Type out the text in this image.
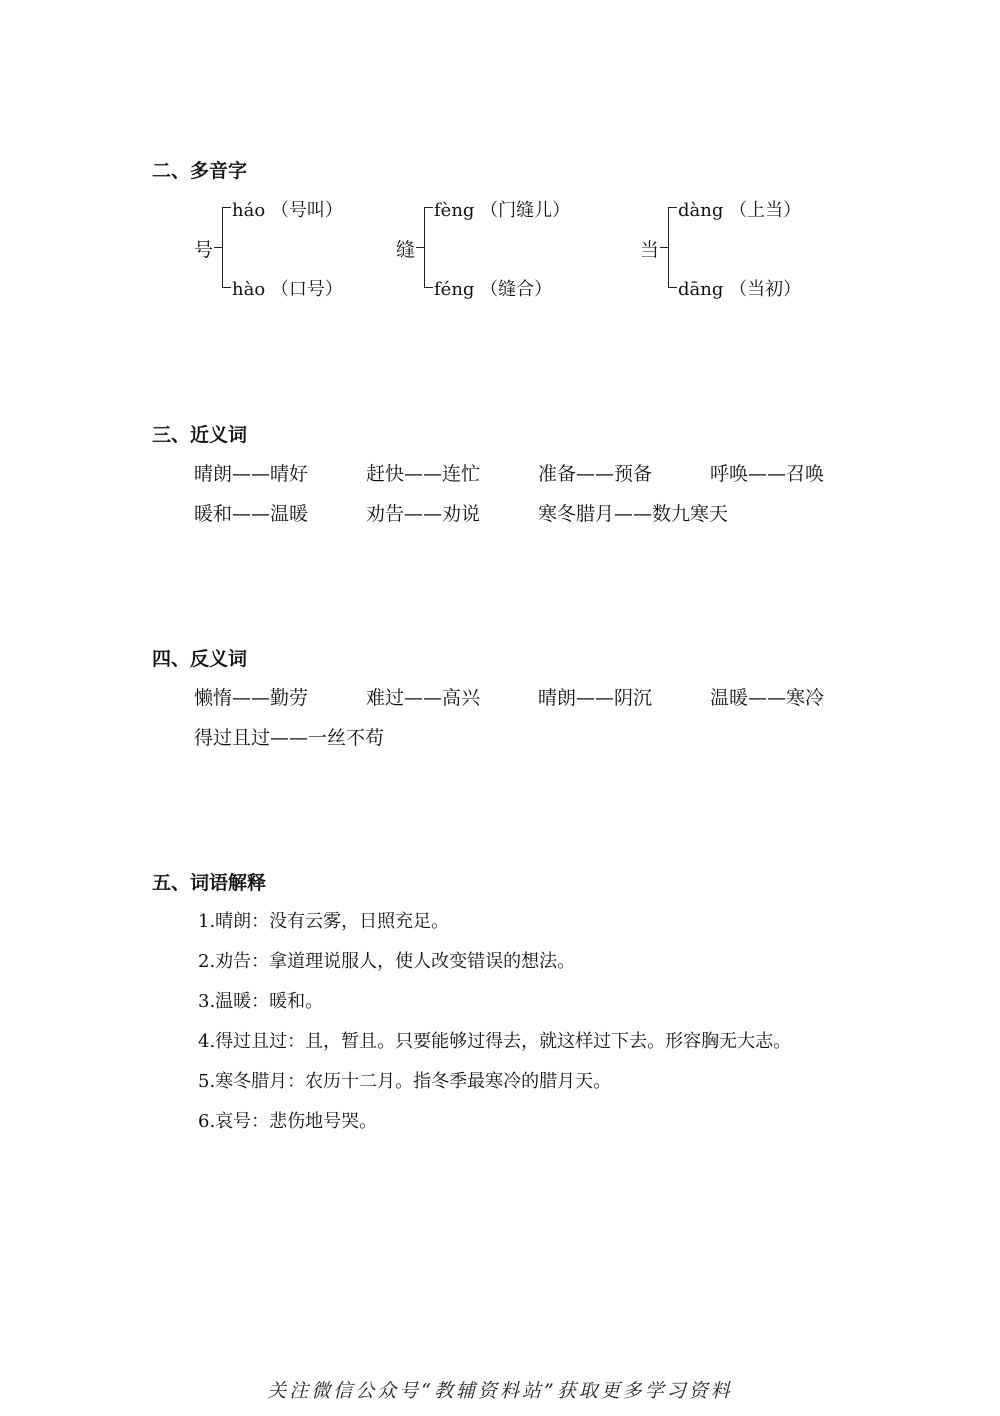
二、多音字
号
háo （号叫）
hào （口号）
缝
fèng （门缝儿）
féng （缝合）
当
dàng （上当）
dāng （当初）
三、近义词
晴朗——晴好	赶快——连忙	准备——预备	呼唤——召唤
暖和——温暖	劝告——劝说	寒冬腊月——数九寒天
四、反义词
懒惰——勤劳	难过——高兴	晴朗——阴沉	温暖——寒冷
得过且过——一丝不苟
五、词语解释
1.晴朗：没有云雾，日照充足。
2.劝告：拿道理说服人，使人改变错误的想法。
3.温暖：暖和。
4.得过且过：且，暂且。只要能够过得去，就这样过下去。形容胸无大志。
5.寒冬腊月：农历十二月。指冬季最寒冷的腊月天。
6.哀号：悲伤地号哭。
关注微信公众号“教辅资料站”获取更多学习资料
